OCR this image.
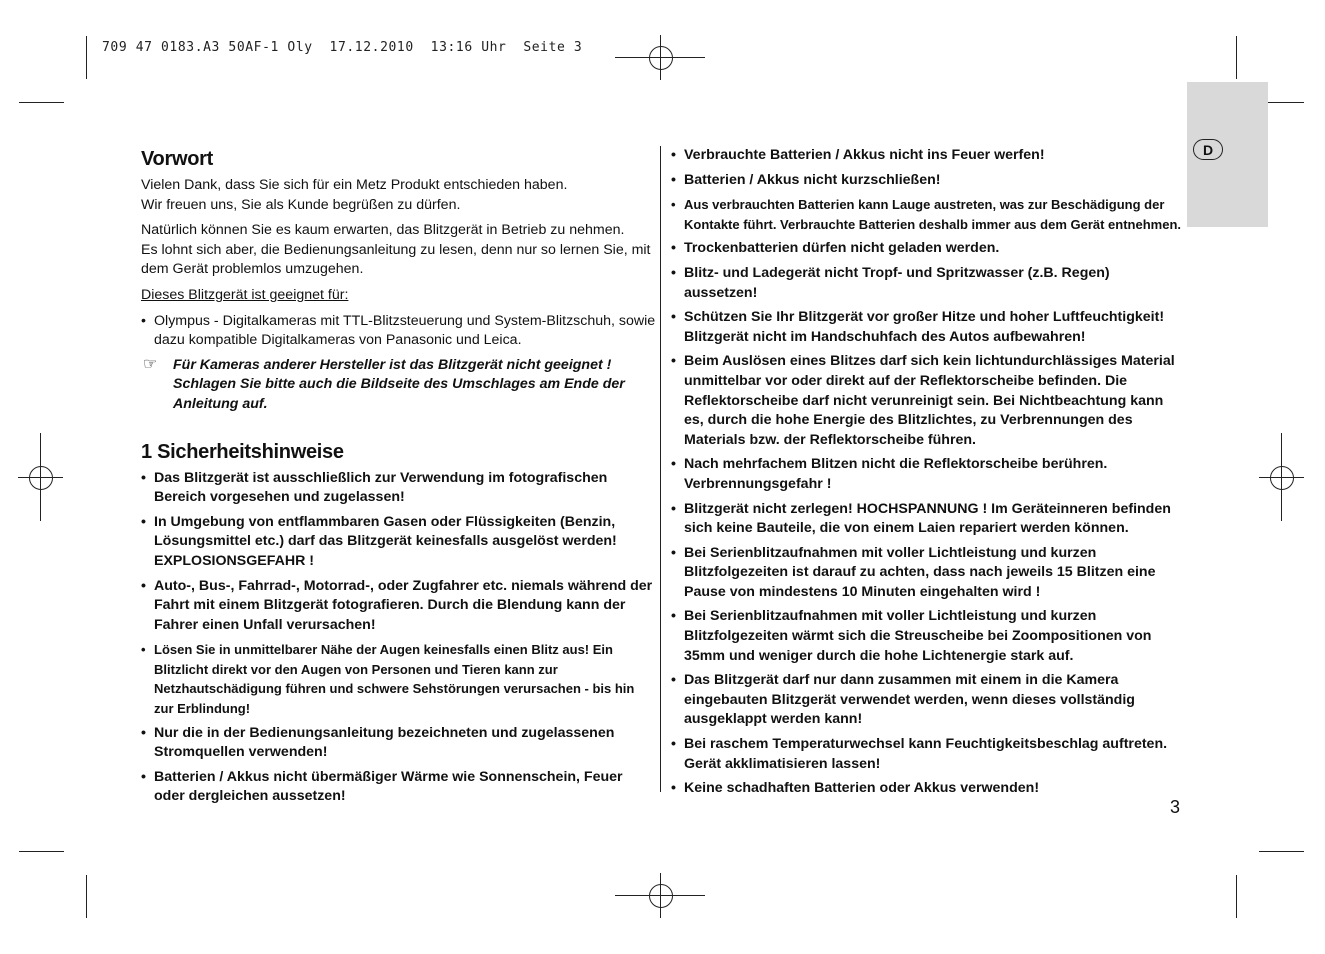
709 47 0183.A3 50AF-1 Oly  17.12.2010  13:16 Uhr  Seite 3
D
Vorwort

Vielen Dank, dass Sie sich für ein Metz Produkt entschieden haben.

Wir freuen uns, Sie als Kunde begrüßen zu dürfen.

Natürlich können Sie es kaum erwarten, das Blitzgerät in Betrieb zu nehmen.

Es lohnt sich aber, die Bedienungsanleitung zu lesen, denn nur so lernen Sie, mit dem Gerät problemlos umzugehen.

Dieses Blitzgerät ist geeignet für:

• Olympus - Digitalkameras mit TTL-Blitzsteuerung und System-Blitzschuh, sowie dazu kompatible Digitalkameras von Panasonic und Leica.
☞ Für Kameras anderer Hersteller ist das Blitzgerät nicht geeignet ! Schlagen Sie bitte auch die Bildseite des Umschlages am Ende der Anleitung auf.
1 Sicherheitshinweise
• Das Blitzgerät ist ausschließlich zur Verwendung im fotografischen Bereich vorgesehen und zugelassen!
• In Umgebung von entflammbaren Gasen oder Flüssigkeiten (Benzin, Lösungsmittel etc.) darf das Blitzgerät keinesfalls ausgelöst werden! EXPLOSIONSGEFAHR !
• Auto-, Bus-, Fahrrad-, Motorrad-, oder Zugfahrer etc. niemals während der Fahrt mit einem Blitzgerät fotografieren. Durch die Blendung kann der Fahrer einen Unfall verursachen!
• Lösen Sie in unmittelbarer Nähe der Augen keinesfalls einen Blitz aus! Ein Blitzlicht direkt vor den Augen von Personen und Tieren kann zur Netzhautschädigung führen und schwere Sehstörungen verursachen - bis hin zur Erblindung!
• Nur die in der Bedienungsanleitung bezeichneten und zugelassenen Stromquellen verwenden!
• Batterien / Akkus nicht übermäßiger Wärme wie Sonnenschein, Feuer oder dergleichen aussetzen!
• Verbrauchte Batterien / Akkus nicht ins Feuer werfen!
• Batterien / Akkus nicht kurzschließen!
• Aus verbrauchten Batterien kann Lauge austreten, was zur Beschädigung der Kontakte führt. Verbrauchte Batterien deshalb immer aus dem Gerät entnehmen.
• Trockenbatterien dürfen nicht geladen werden.
• Blitz- und Ladegerät nicht Tropf- und Spritzwasser (z.B. Regen) aussetzen!
• Schützen Sie Ihr Blitzgerät vor großer Hitze und hoher Luftfeuchtigkeit! Blitzgerät nicht im Handschuhfach des Autos aufbewahren!
• Beim Auslösen eines Blitzes darf sich kein lichtundurchlässiges Material unmittelbar vor oder direkt auf der Reflektorscheibe befinden. Die Reflektorscheibe darf nicht verunreinigt sein. Bei Nichtbeachtung kann es, durch die hohe Energie des Blitzlichtes, zu Verbrennungen des Materials bzw. der Reflektorscheibe führen.
• Nach mehrfachem Blitzen nicht die Reflektorscheibe berühren. Verbrennungsgefahr !
• Blitzgerät nicht zerlegen! HOCHSPANNUNG ! Im Geräteinneren befinden sich keine Bauteile, die von einem Laien repariert werden können.
• Bei Serienblitzaufnahmen mit voller Lichtleistung und kurzen Blitzfolgezeiten ist darauf zu achten, dass nach jeweils 15 Blitzen eine Pause von mindestens 10 Minuten eingehalten wird !
• Bei Serienblitzaufnahmen mit voller Lichtleistung und kurzen Blitzfolgezeiten wärmt sich die Streuscheibe bei Zoompositionen von 35mm und weniger durch die hohe Lichtenergie stark auf.
• Das Blitzgerät darf nur dann zusammen mit einem in die Kamera eingebauten Blitzgerät verwendet werden, wenn dieses vollständig ausgeklappt werden kann!
• Bei raschem Temperaturwechsel kann Feuchtigkeitsbeschlag auftreten. Gerät akklimatisieren lassen!
• Keine schadhaften Batterien oder Akkus verwenden!
3
